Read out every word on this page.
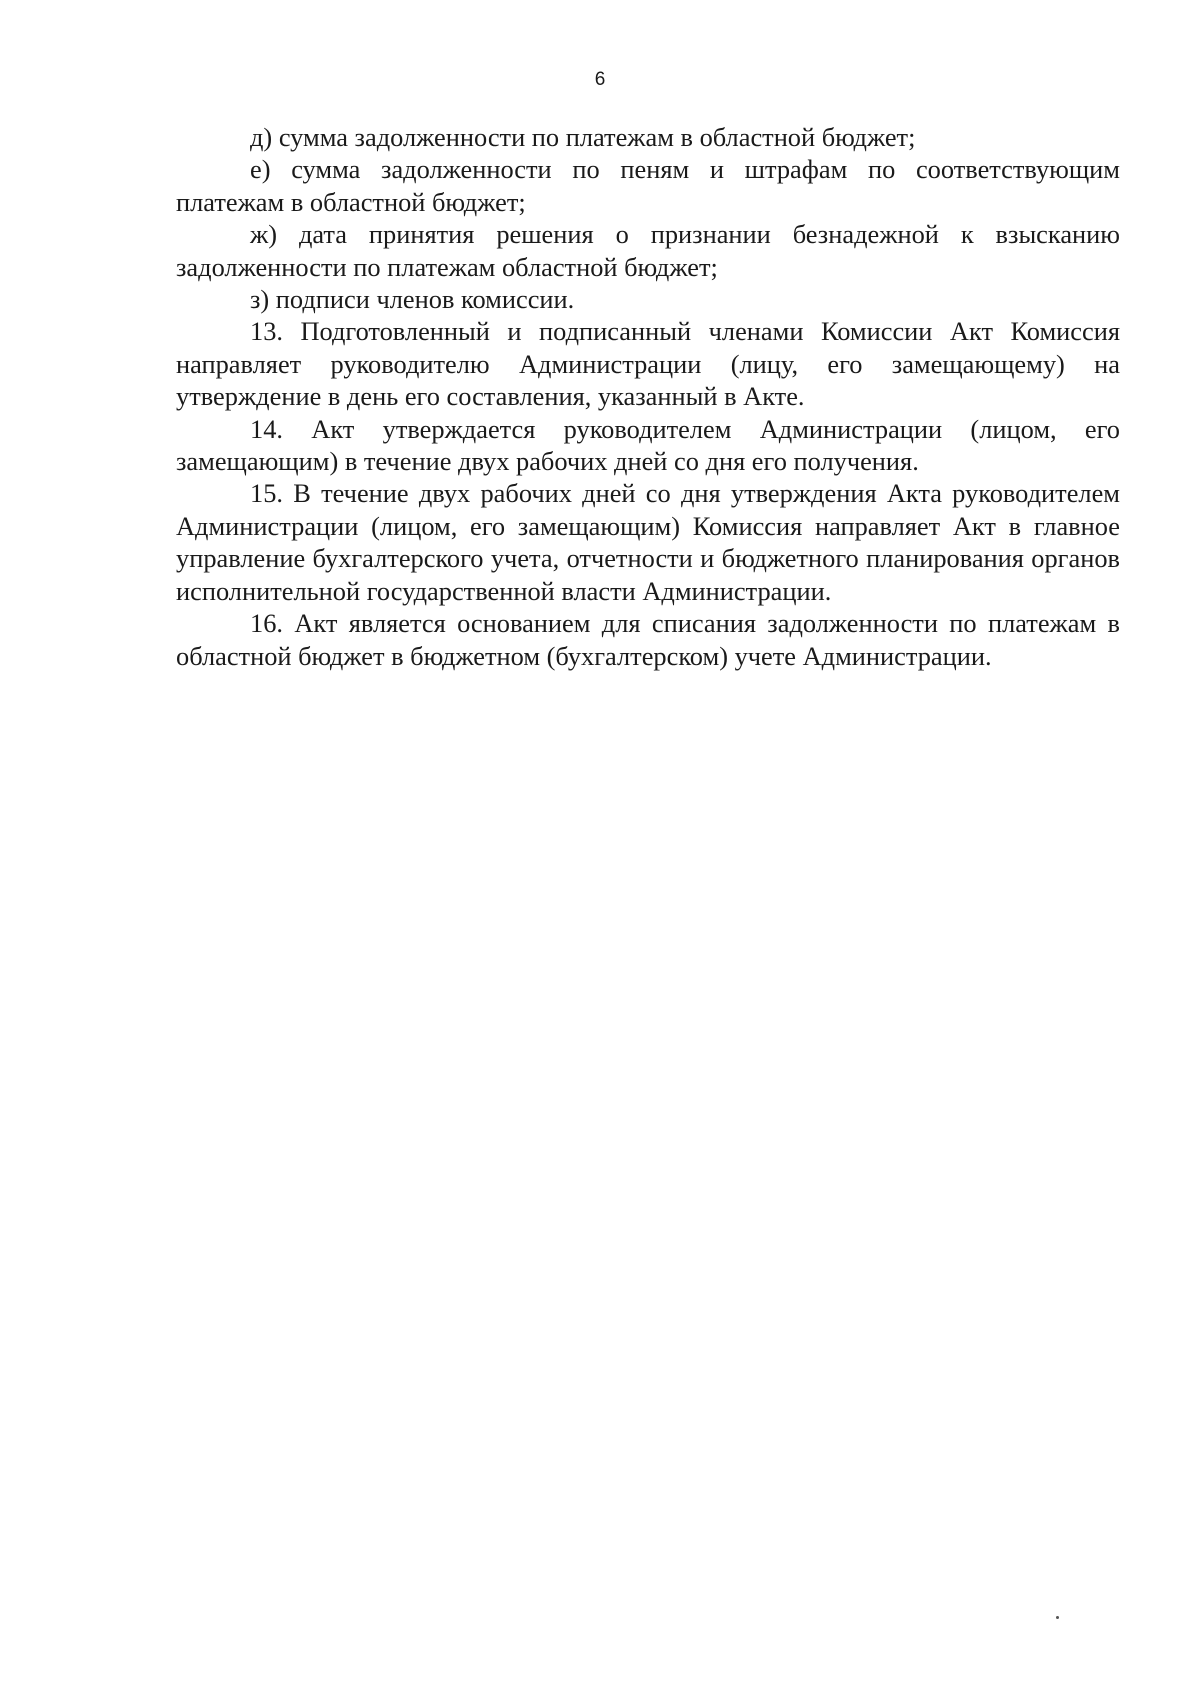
6

д) сумма задолженности по платежам в областной бюджет;

е) сумма задолженности по пеням и штрафам по соответствующим платежам в областной бюджет;

ж) дата принятия решения о признании безнадежной к взысканию задолженности по платежам областной бюджет;

з) подписи членов комиссии.

13. Подготовленный и подписанный членами Комиссии Акт Комиссия направляет руководителю Администрации (лицу, его замещающему) на утверждение в день его составления, указанный в Акте.

14. Акт утверждается руководителем Администрации (лицом, его замещающим) в течение двух рабочих дней со дня его получения.

15. В течение двух рабочих дней со дня утверждения Акта руководителем Администрации (лицом, его замещающим) Комиссия направляет Акт в главное управление бухгалтерского учета, отчетности и бюджетного планирования органов исполнительной государственной власти Администрации.

16. Акт является основанием для списания задолженности по платежам в областной бюджет в бюджетном (бухгалтерском) учете Администрации.
